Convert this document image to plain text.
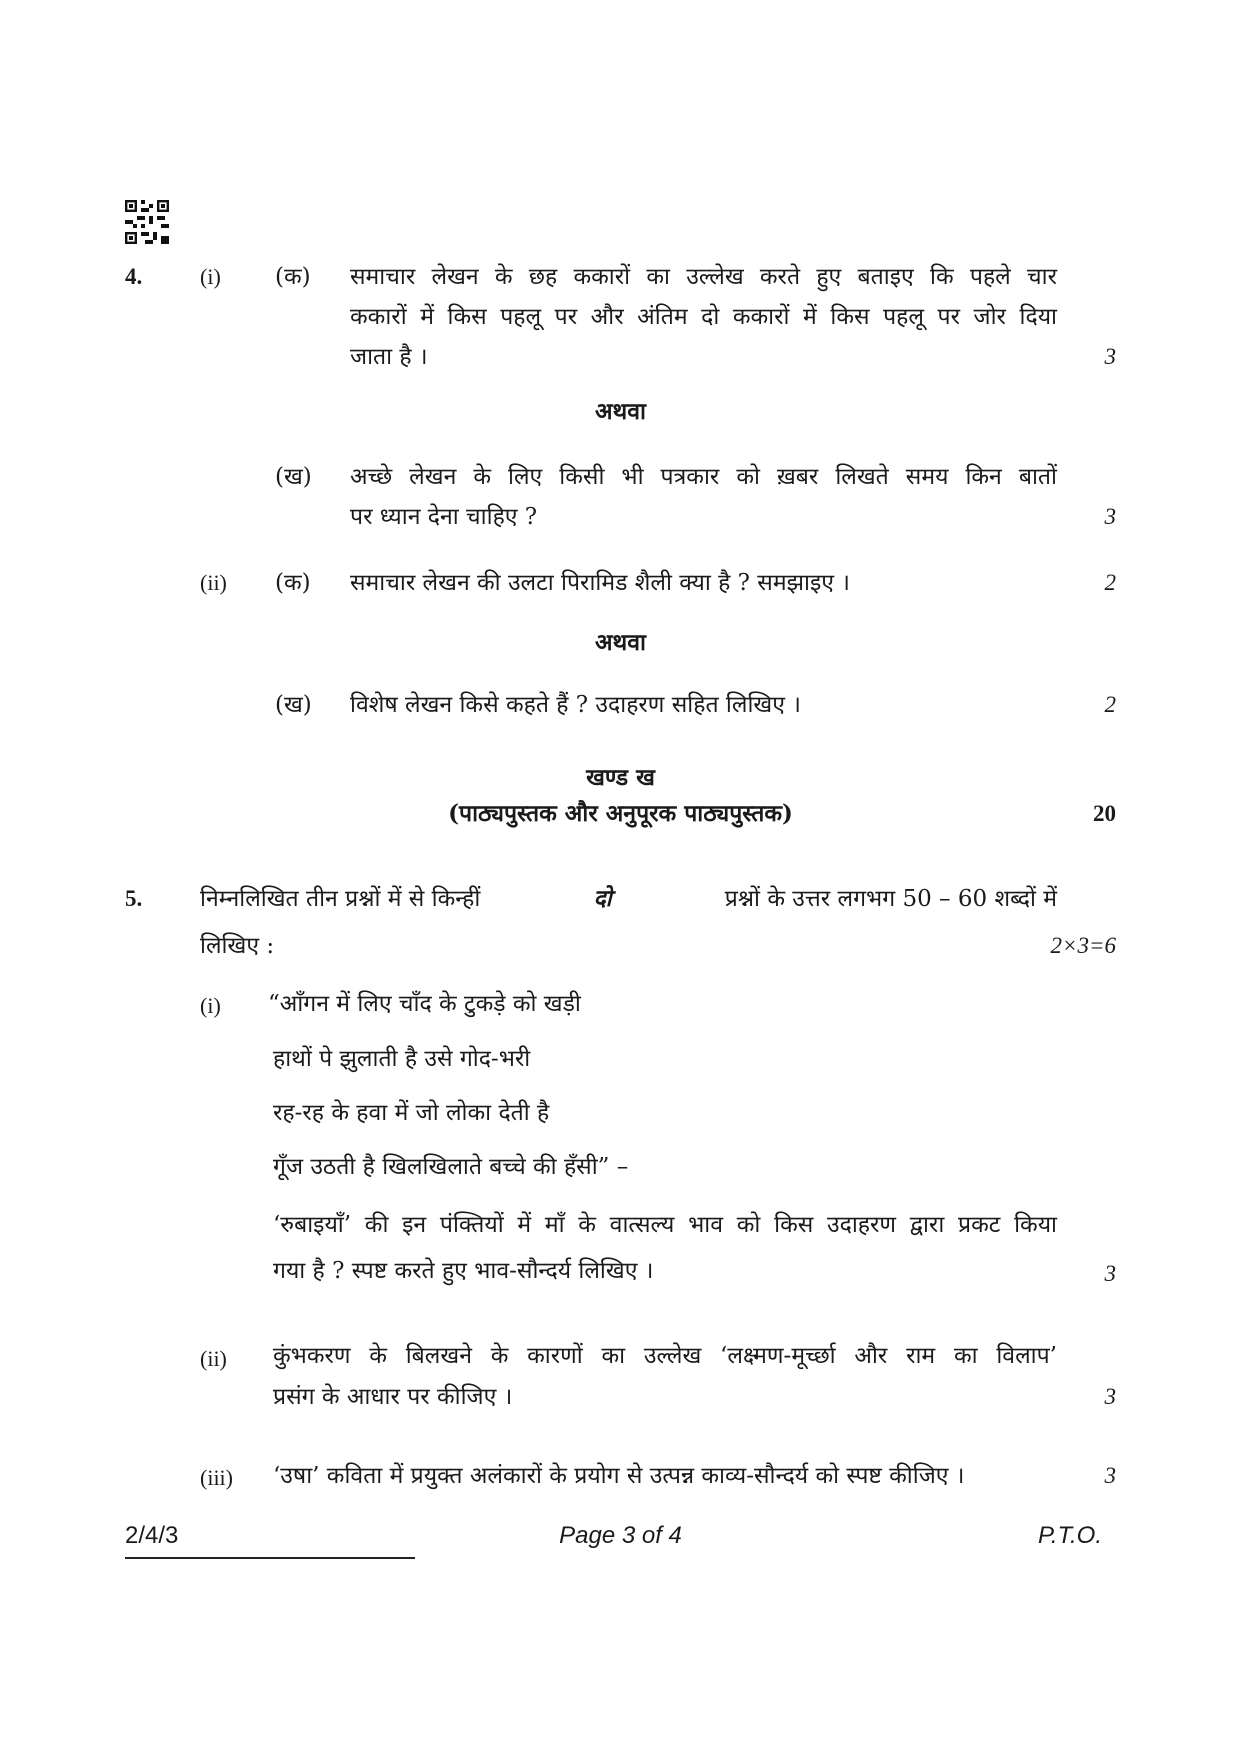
4.	(i) (क) समाचार लेखन के छह ककारों का उल्लेख करते हुए बताइए कि पहले चार
ककारों में किस पहलू पर और अंतिम दो ककारों में किस पहलू पर जोर दिया
जाता है ।	3
अथवा
(ख) अच्छे लेखन के लिए किसी भी पत्रकार को ख़बर लिखते समय किन बातों
पर ध्यान देना चाहिए ?	3
(ii) (क) समाचार लेखन की उलटा पिरामिड शैली क्या है ? समझाइए ।	2
अथवा
(ख) विशेष लेखन किसे कहते हैं ? उदाहरण सहित लिखिए ।	2
खण्ड ख
(पाठ्यपुस्तक और अनुपूरक पाठ्यपुस्तक)	20
5.	निम्नलिखित तीन प्रश्नों में से किन्हीं	दो	प्रश्नों के उत्तर लगभग 50 – 60 शब्दों में
लिखिए :	2×3=6
(i) “आँगन में लिए चाँद के टुकड़े को खड़ी
हाथों पे झुलाती है उसे गोद-भरी
रह-रह के हवा में जो लोका देती है
गूँज उठती है खिलखिलाते बच्चे की हँसी” –
‘रुबाइयाँ’ की इन पंक्तियों में माँ के वात्सल्य भाव को किस उदाहरण द्वारा प्रकट किया
गया है ? स्पष्ट करते हुए भाव-सौन्दर्य लिखिए ।	3
(ii) कुंभकरण के बिलखने के कारणों का उल्लेख ‘लक्ष्मण-मूर्च्छा और राम का विलाप’
प्रसंग के आधार पर कीजिए ।	3
(iii) ‘उषा’ कविता में प्रयुक्त अलंकारों के प्रयोग से उत्पन्न काव्य-सौन्दर्य को स्पष्ट कीजिए ।	3
2/4/3	Page 3 of 4	P.T.O.
